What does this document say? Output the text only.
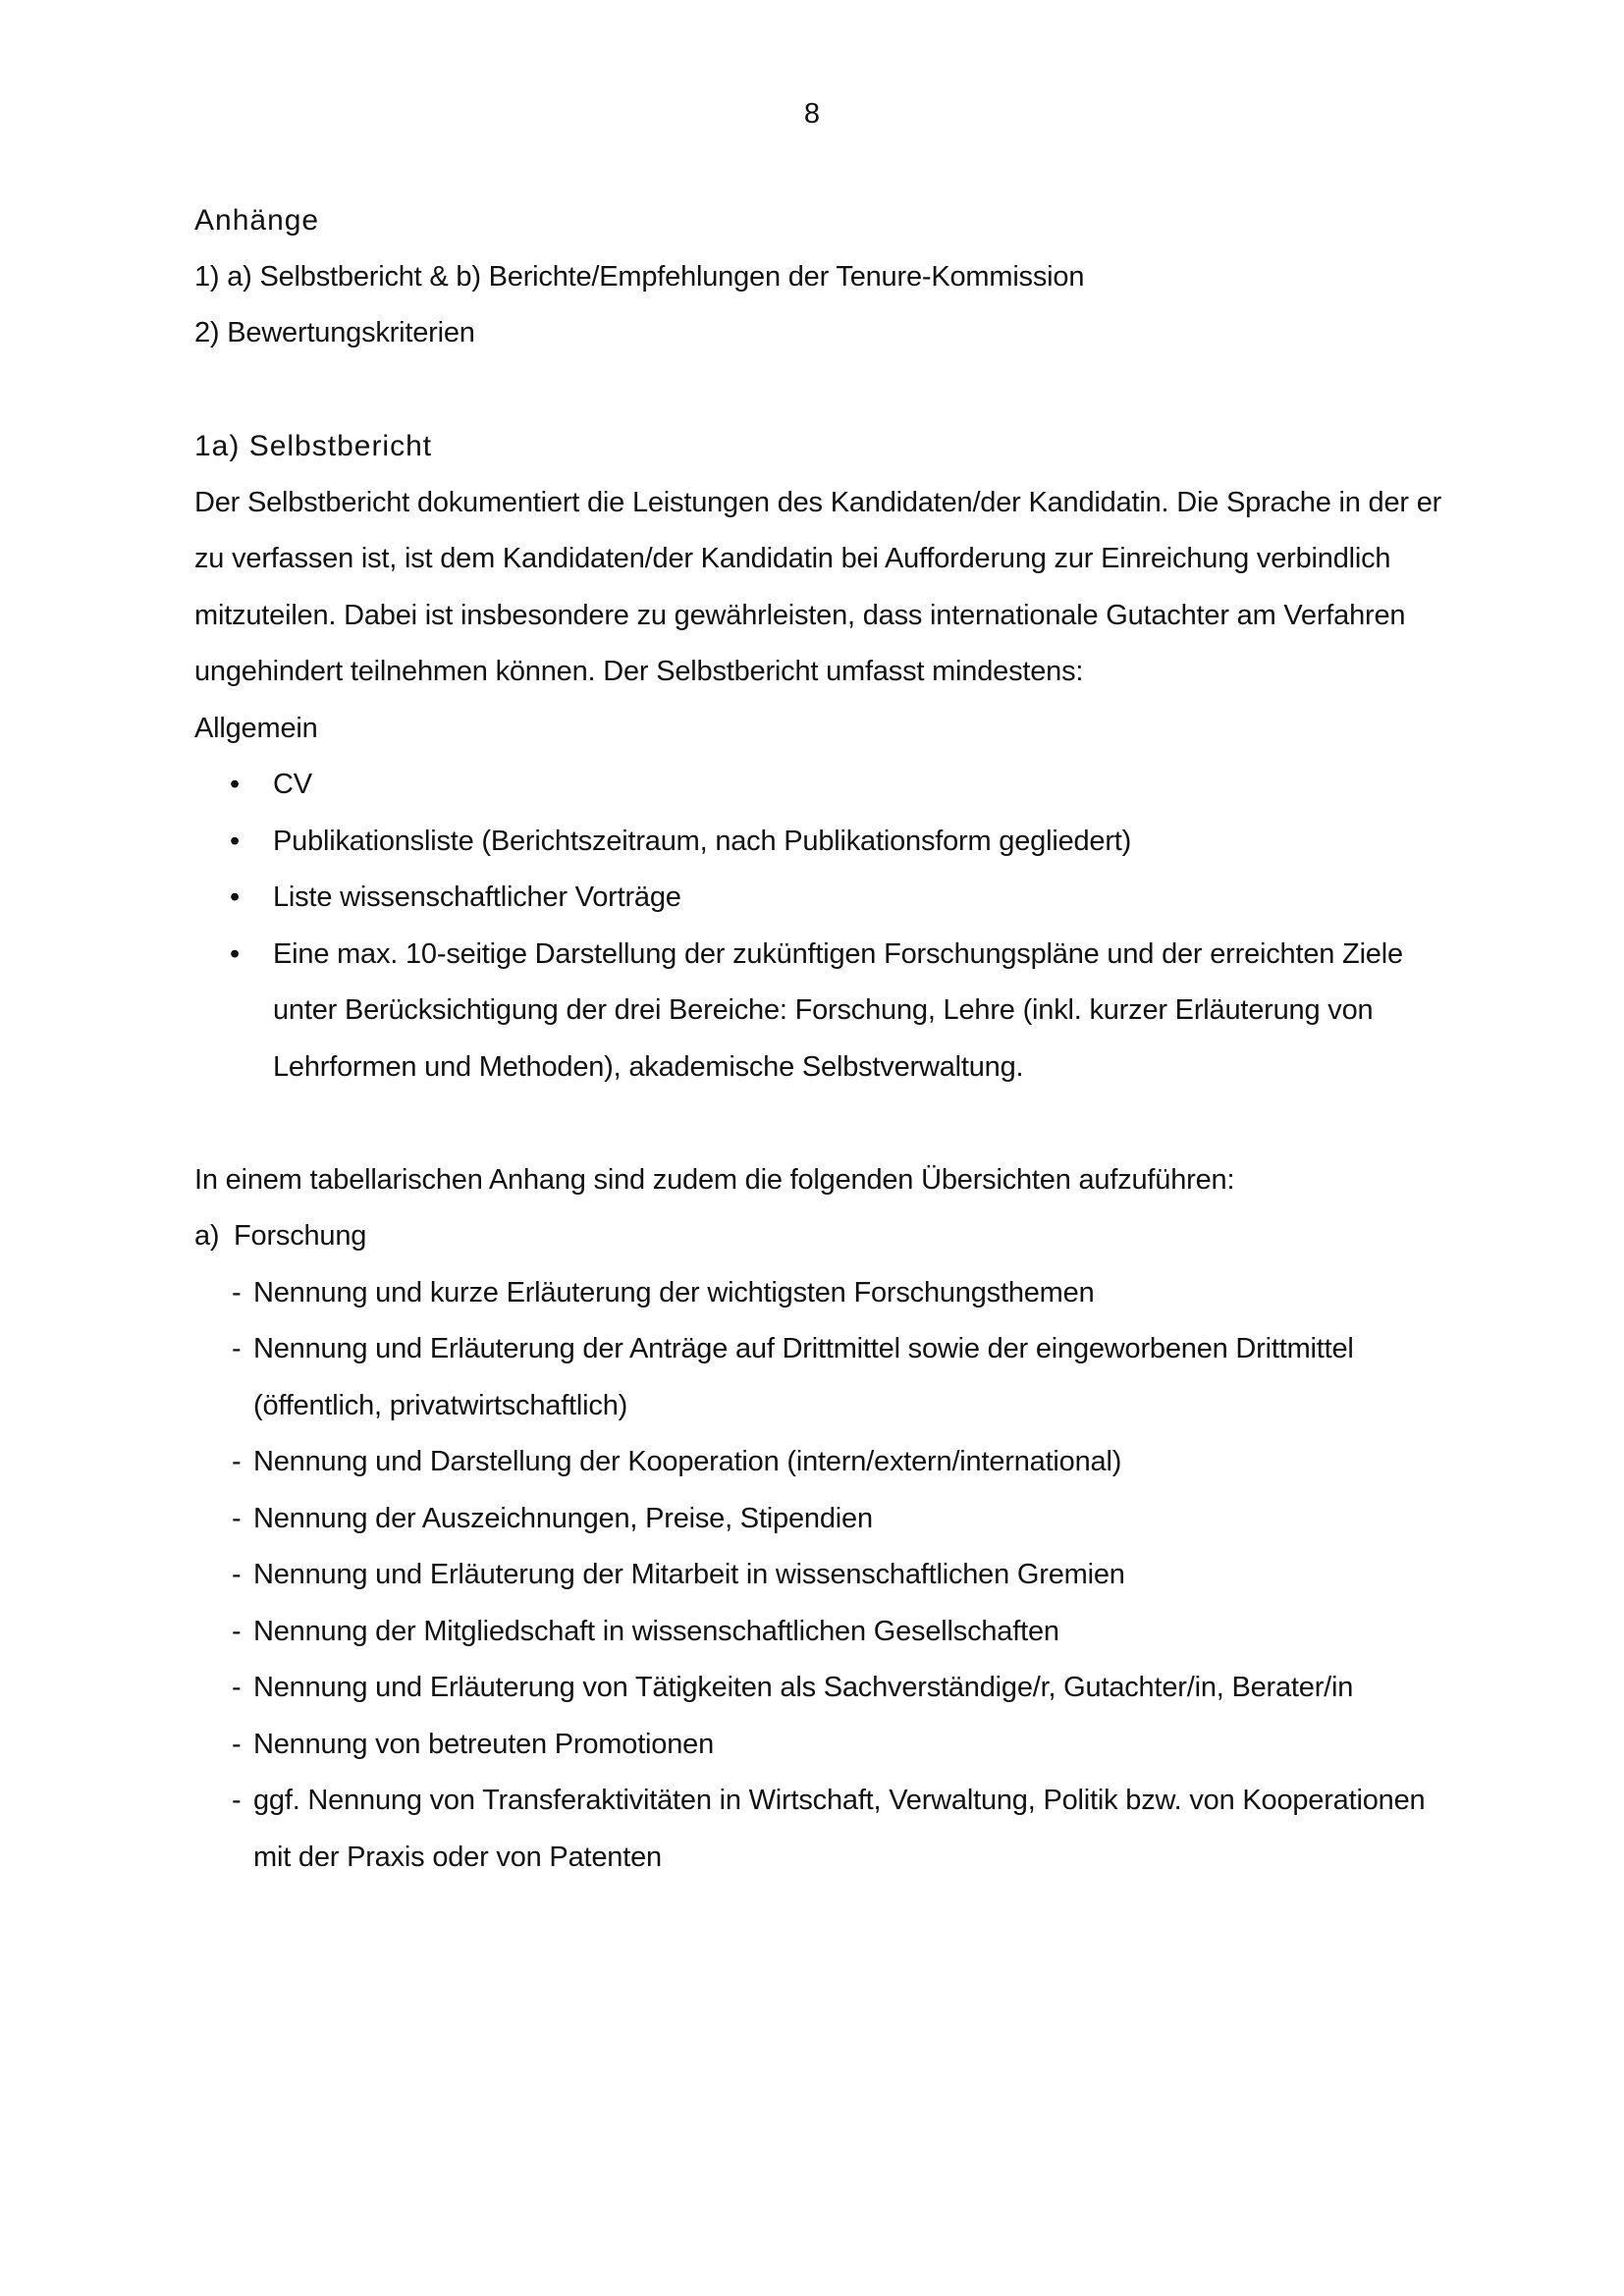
8
Anhänge
1) a) Selbstbericht & b) Berichte/Empfehlungen der Tenure-Kommission
2) Bewertungskriterien
1a) Selbstbericht
Der Selbstbericht dokumentiert die Leistungen des Kandidaten/der Kandidatin. Die Sprache in der er zu verfassen ist, ist dem Kandidaten/der Kandidatin bei Aufforderung zur Einreichung verbindlich mitzuteilen. Dabei ist insbesondere zu gewährleisten, dass internationale Gutachter am Verfahren ungehindert teilnehmen können. Der Selbstbericht umfasst mindestens:
Allgemein
• CV
• Publikationsliste (Berichtszeitraum, nach Publikationsform gegliedert)
• Liste wissenschaftlicher Vorträge
• Eine max. 10-seitige Darstellung der zukünftigen Forschungspläne und der erreichten Ziele unter Berücksichtigung der drei Bereiche: Forschung, Lehre (inkl. kurzer Erläuterung von Lehrformen und Methoden), akademische Selbstverwaltung.
In einem tabellarischen Anhang sind zudem die folgenden Übersichten aufzuführen:
a) Forschung
- Nennung und kurze Erläuterung der wichtigsten Forschungsthemen
- Nennung und Erläuterung der Anträge auf Drittmittel sowie der eingeworbenen Drittmittel (öffentlich, privatwirtschaftlich)
- Nennung und Darstellung der Kooperation (intern/extern/international)
- Nennung der Auszeichnungen, Preise, Stipendien
- Nennung und Erläuterung der Mitarbeit in wissenschaftlichen Gremien
- Nennung der Mitgliedschaft in wissenschaftlichen Gesellschaften
- Nennung und Erläuterung von Tätigkeiten als Sachverständige/r, Gutachter/in, Berater/in
- Nennung von betreuten Promotionen
- ggf. Nennung von Transferaktivitäten in Wirtschaft, Verwaltung, Politik bzw. von Kooperationen mit der Praxis oder von Patenten
